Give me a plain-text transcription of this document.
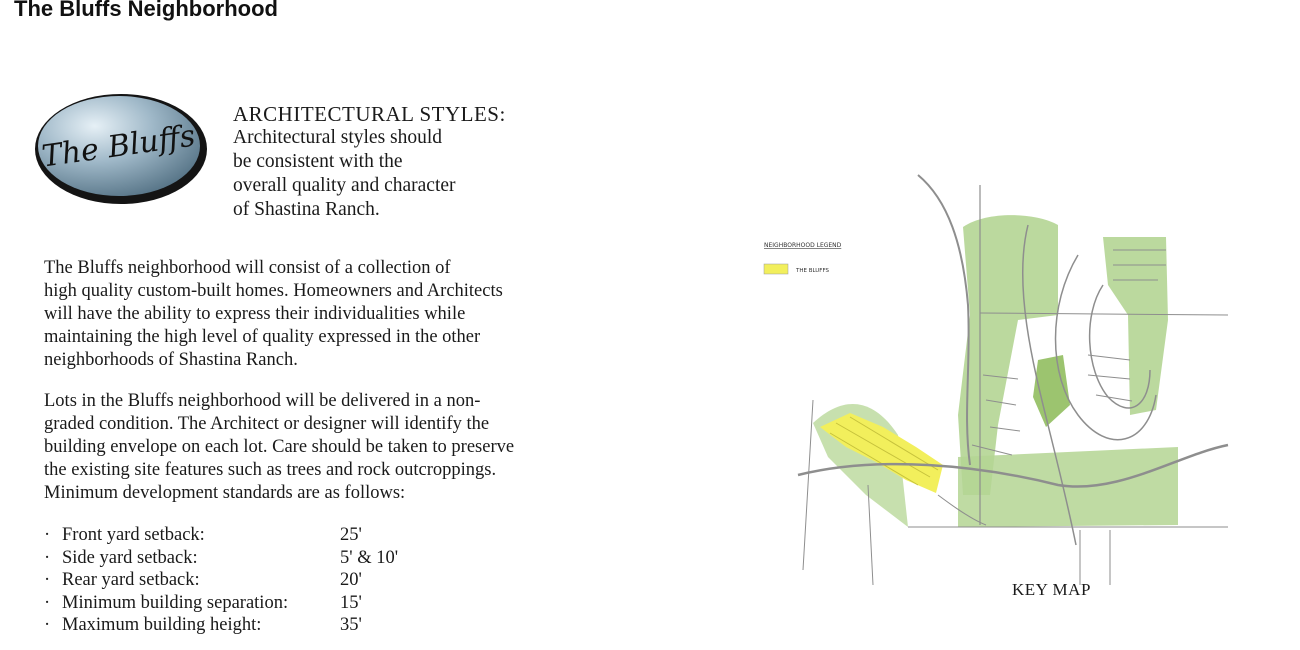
The Bluffs Neighborhood
The Bluffs
ARCHITECTURAL STYLES:
Architectural styles should
be consistent with the
overall quality and character
of Shastina Ranch.
The Bluffs neighborhood will consist of a collection of
high quality custom-built homes. Homeowners and Architects
will have the ability to express their individualities while
maintaining the high level of quality expressed in the other
neighborhoods of Shastina Ranch.
Lots in the Bluffs neighborhood will be delivered in a non-
graded condition. The Architect or designer will identify the
building envelope on each lot. Care should be taken to preserve
the existing site features such as trees and rock outcroppings.
Minimum development standards are as follows:
· Front yard setback:	25'
· Side yard setback:	5' & 10'
· Rear yard setback:	20'
· Minimum building separation:	15'
· Maximum building height:	35'
NEIGHBORHOOD LEGEND
THE BLUFFS
KEY MAP
